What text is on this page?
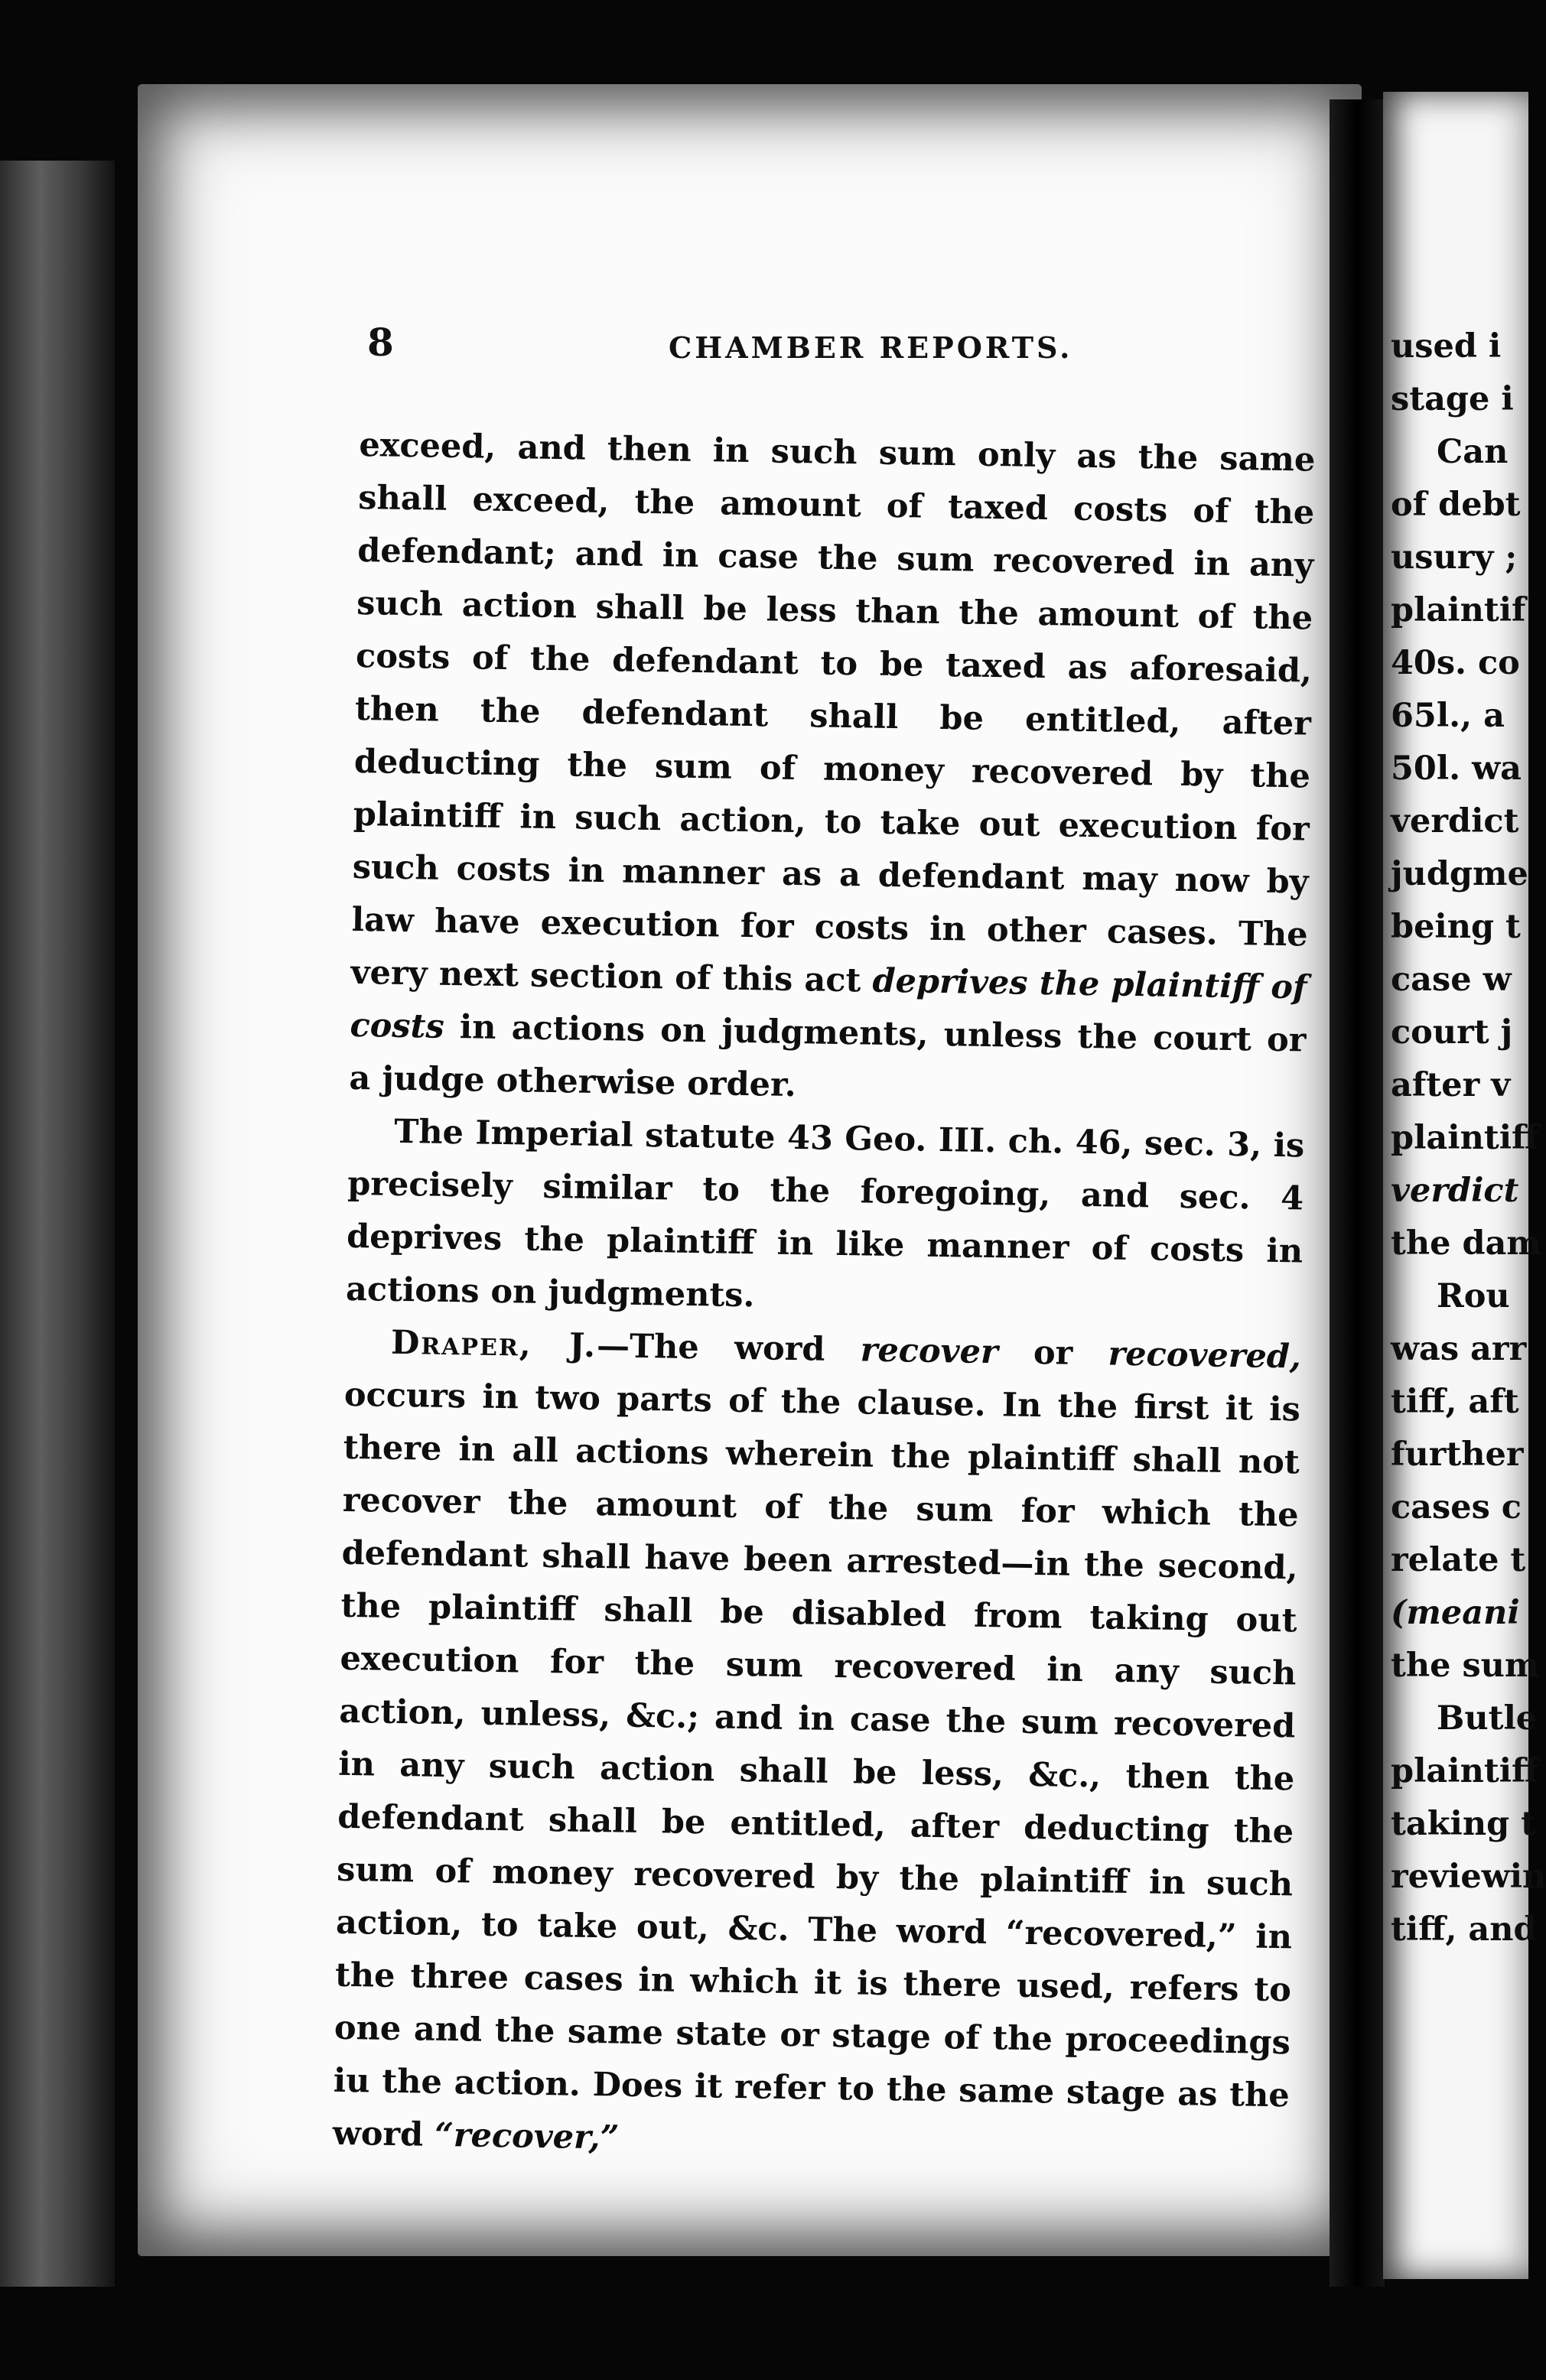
used i
stage i
Can
of debt
usury ;
plaintif
40s. co
65l., a
50l. wa
verdict
judgme
being t
case w
court j
after v
plaintiff
verdict
the dam
Rou
was arr
tiff, aft
further
cases c
relate t
(meani
the sum
Butle
plaintiff
taking t
reviewin
tiff, and
8	CHAMBER REPORTS.

exceed, and then in such sum only as the same shall exceed, the amount of taxed costs of the defendant; and in case the sum recovered in any such action shall be less than the amount of the costs of the defendant to be taxed as aforesaid, then the defendant shall be entitled, after deducting the sum of money recovered by the plaintiff in such action, to take out execution for such costs in manner as a defendant may now by law have execution for costs in other cases. The very next section of this act deprives the plaintiff of costs in actions on judgments, unless the court or a judge otherwise order.

The Imperial statute 43 Geo. III. ch. 46, sec. 3, is precisely similar to the foregoing, and sec. 4 deprives the plaintiff in like manner of costs in actions on judgments.

Draper, J.—The word recover or recovered, occurs in two parts of the clause. In the first it is there in all actions wherein the plaintiff shall not recover the amount of the sum for which the defendant shall have been arrested—in the second, the plaintiff shall be disabled from taking out execution for the sum recovered in any such action, unless, &c.; and in case the sum recovered in any such action shall be less, &c., then the defendant shall be entitled, after deducting the sum of money recovered by the plaintiff in such action, to take out, &c. The word “recovered,” in the three cases in which it is there used, refers to one and the same state or stage of the proceedings iu the action. Does it refer to the same stage as the word “recover,”
